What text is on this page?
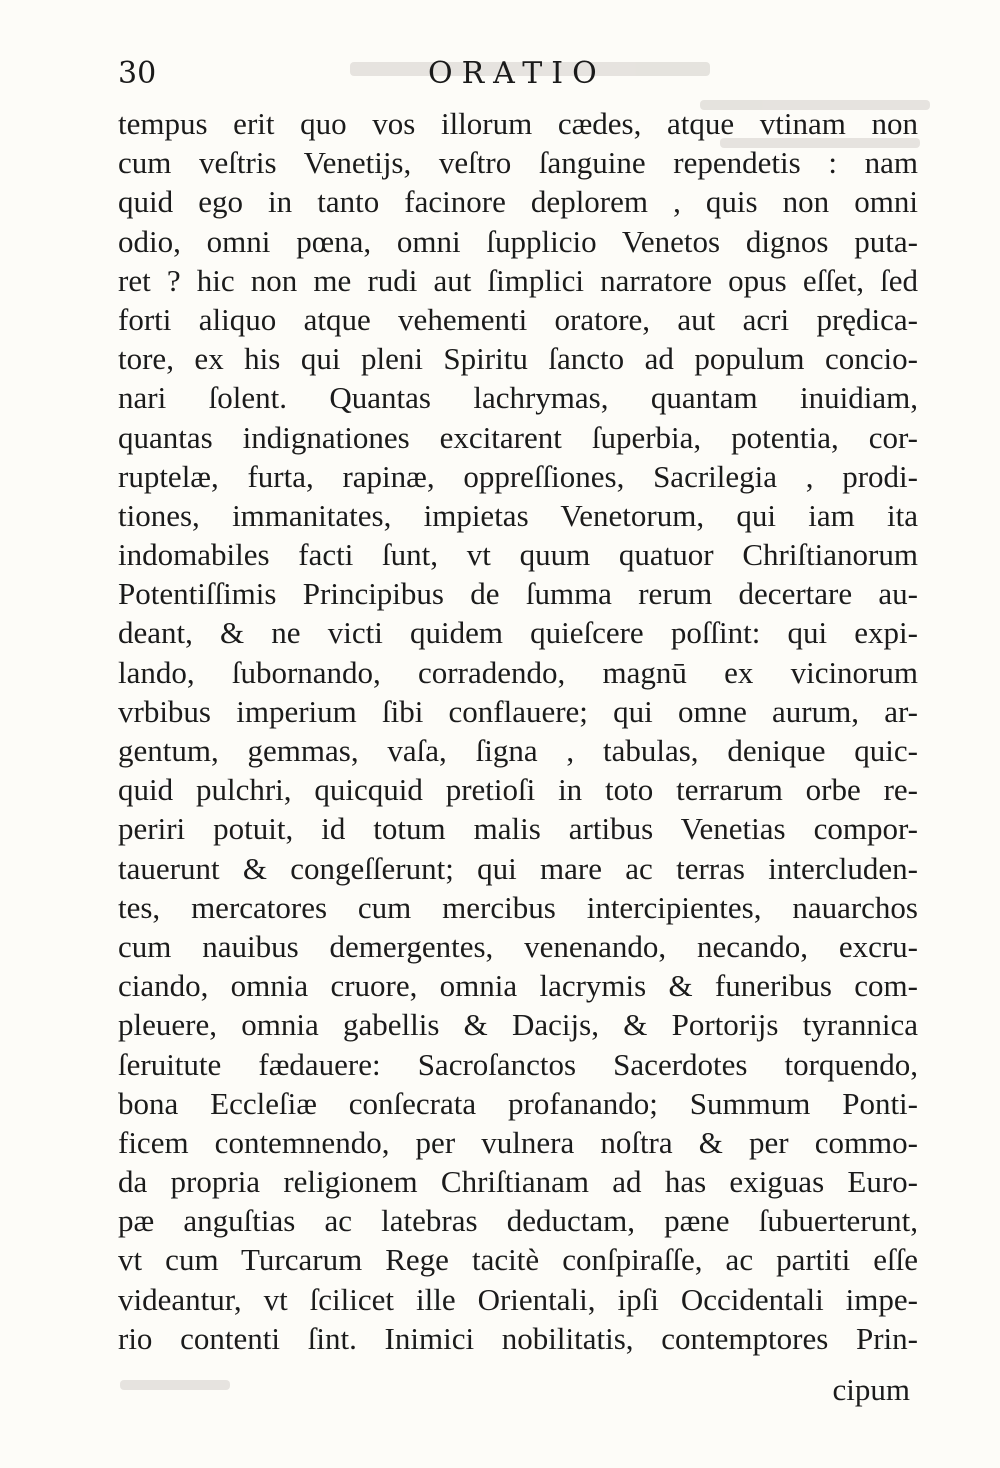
30	ORATIO
tempus erit quo vos illorum cædes, atque vtinam non
cum veſtris Venetijs, veſtro ſanguine rependetis : nam
quid ego in tanto facinore deplorem , quis non omni
odio, omni pœna, omni ſupplicio Venetos dignos puta-
ret ? hic non me rudi aut ſimplici narratore opus eſſet, ſed
forti aliquo atque vehementi oratore, aut acri prędica-
tore, ex his qui pleni Spiritu ſancto ad populum concio-
nari ſolent. Quantas lachrymas, quantam inuidiam,
quantas indignationes excitarent ſuperbia, potentia, cor-
ruptelæ, furta, rapinæ, oppreſſiones, Sacrilegia , prodi-
tiones, immanitates, impietas Venetorum, qui iam ita
indomabiles facti ſunt, vt quum quatuor Chriſtianorum
Potentiſſimis Principibus de ſumma rerum decertare au-
deant, & ne victi quidem quieſcere poſſint: qui expi-
lando, ſubornando, corradendo, magnū ex vicinorum
vrbibus imperium ſibi conflauere; qui omne aurum, ar-
gentum, gemmas, vaſa, ſigna , tabulas, denique quic-
quid pulchri, quicquid pretioſi in toto terrarum orbe re-
periri potuit, id totum malis artibus Venetias compor-
tauerunt & congeſſerunt; qui mare ac terras intercluden-
tes, mercatores cum mercibus intercipientes, nauarchos
cum nauibus demergentes, venenando, necando, excru-
ciando, omnia cruore, omnia lacrymis & funeribus com-
pleuere, omnia gabellis & Dacijs, & Portorijs tyrannica
ſeruitute fædauere: Sacroſanctos Sacerdotes torquendo,
bona Eccleſiæ conſecrata profanando; Summum Ponti-
ficem contemnendo, per vulnera noſtra & per commo-
da propria religionem Chriſtianam ad has exiguas Euro-
pæ anguſtias ac latebras deductam, pæne ſubuerterunt,
vt cum Turcarum Rege tacitè conſpiraſſe, ac partiti eſſe
videantur, vt ſcilicet ille Orientali, ipſi Occidentali impe-
rio contenti ſint. Inimici nobilitatis, contemptores Prin-
cipum
